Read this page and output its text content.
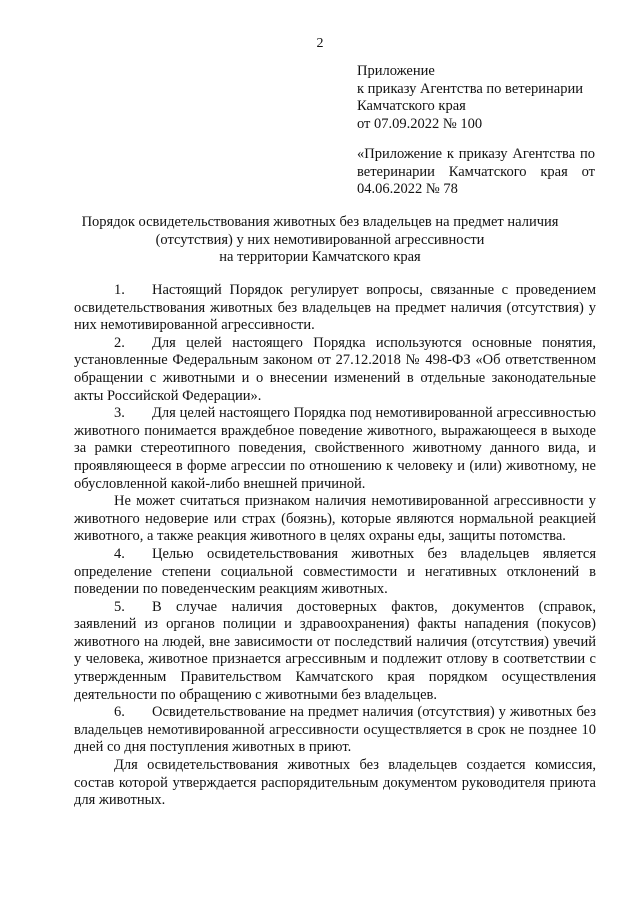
2
Приложение
к приказу Агентства по ветеринарии
Камчатского края
от 07.09.2022 № 100
«Приложение к приказу Агентства по ветеринарии Камчатского края от 04.06.2022 № 78
Порядок освидетельствования животных без владельцев на предмет наличия
(отсутствия) у них немотивированной агрессивности
на территории Камчатского края

1. Настоящий Порядок регулирует вопросы, связанные с проведением освидетельствования животных без владельцев на предмет наличия (отсутствия) у них немотивированной агрессивности.

2. Для целей настоящего Порядка используются основные понятия, установленные Федеральным законом от 27.12.2018 № 498-ФЗ «Об ответственном обращении с животными и о внесении изменений в отдельные законодательные акты Российской Федерации».

3. Для целей настоящего Порядка под немотивированной агрессивностью животного понимается враждебное поведение животного, выражающееся в выходе за рамки стереотипного поведения, свойственного животному данного вида, и проявляющееся в форме агрессии по отношению к человеку и (или) животному, не обусловленной какой-либо внешней причиной.

Не может считаться признаком наличия немотивированной агрессивности у животного недоверие или страх (боязнь), которые являются нормальной реакцией животного, а также реакция животного в целях охраны еды, защиты потомства.

4. Целью освидетельствования животных без владельцев является определение степени социальной совместимости и негативных отклонений в поведении по поведенческим реакциям животных.

5. В случае наличия достоверных фактов, документов (справок, заявлений из органов полиции и здравоохранения) факты нападения (покусов) животного на людей, вне зависимости от последствий наличия (отсутствия) увечий у человека, животное признается агрессивным и подлежит отлову в соответствии с утвержденным Правительством Камчатского края порядком осуществления деятельности по обращению с животными без владельцев.

6. Освидетельствование на предмет наличия (отсутствия) у животных без владельцев немотивированной агрессивности осуществляется в срок не позднее 10 дней со дня поступления животных в приют.

Для освидетельствования животных без владельцев создается комиссия, состав которой утверждается распорядительным документом руководителя приюта для животных.
